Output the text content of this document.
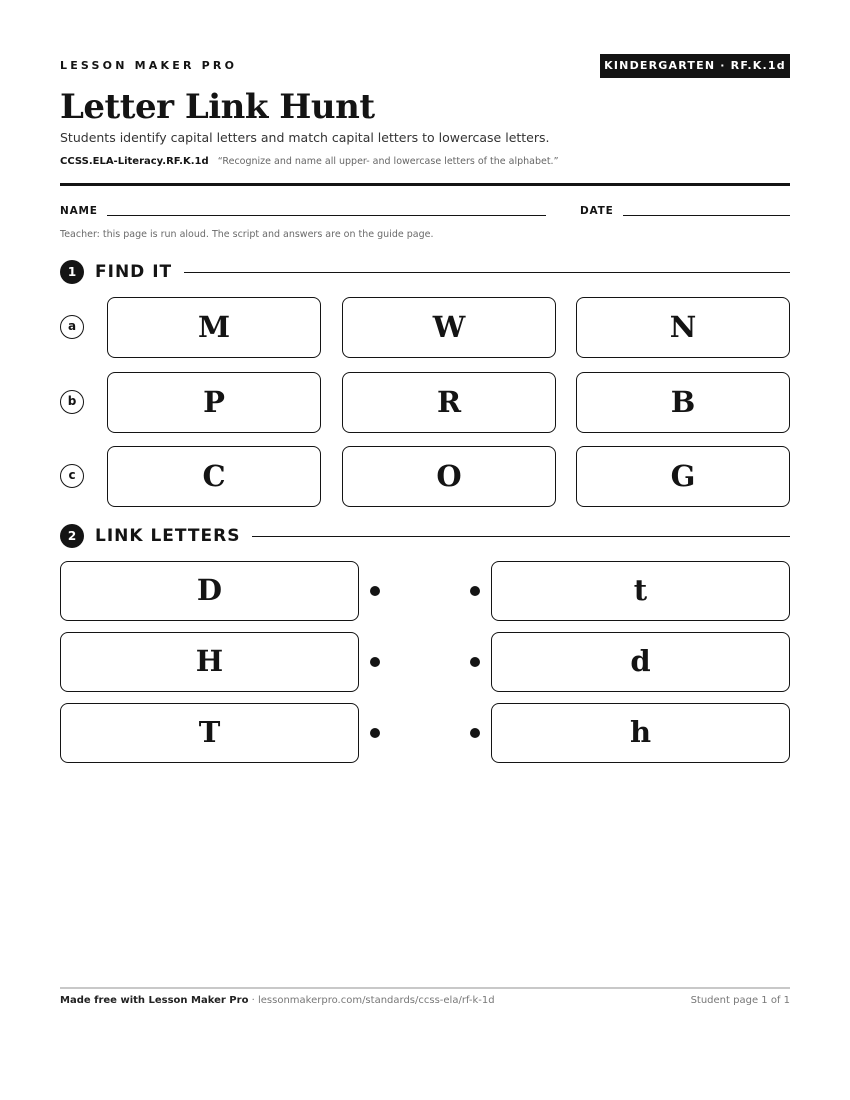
LESSON MAKER PRO	KINDERGARTEN · RF.K.1d
Letter Link Hunt
Students identify capital letters and match capital letters to lowercase letters.
CCSS.ELA-Literacy.RF.K.1d “Recognize and name all upper- and lowercase letters of the alphabet.”
NAME	DATE
Teacher: this page is run aloud. The script and answers are on the guide page.
1	FIND IT
a	M	W	N
b	P	R	B
c	C	O	G
2	LINK LETTERS
D	t
H	d
T	h
Made free with Lesson Maker Pro · lessonmakerpro.com/standards/ccss-ela/rf-k-1d	Student page 1 of 1
